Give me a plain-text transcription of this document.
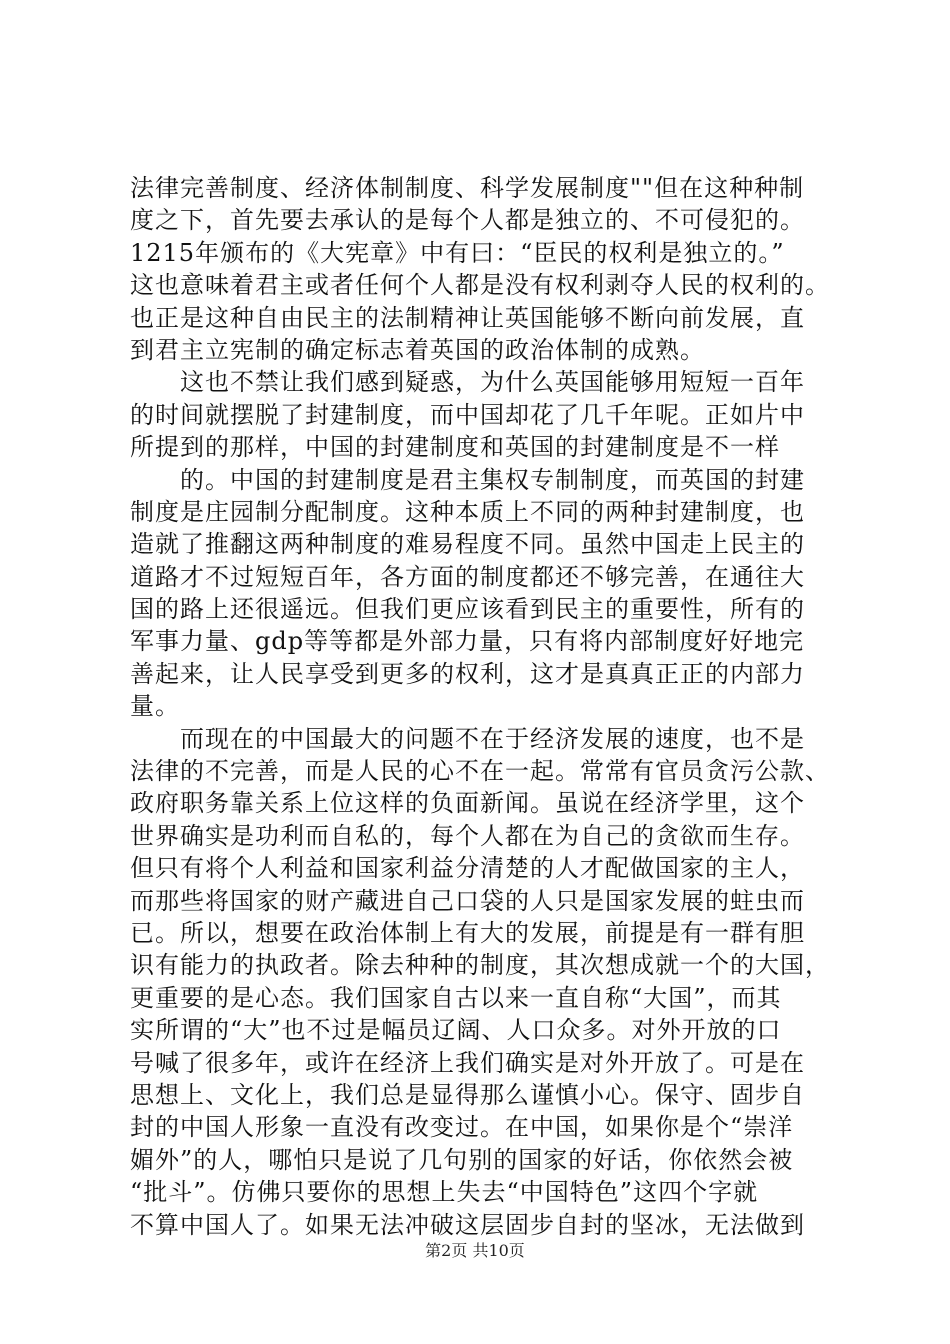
法律完善制度、经济体制制度、科学发展制度""但在这种种制
度之下，首先要去承认的是每个人都是独立的、不可侵犯的。
1215年颁布的《大宪章》中有曰：“臣民的权利是独立的。”
这也意味着君主或者任何个人都是没有权利剥夺人民的权利的。
也正是这种自由民主的法制精神让英国能够不断向前发展，直
到君主立宪制的确定标志着英国的政治体制的成熟。
这也不禁让我们感到疑惑，为什么英国能够用短短一百年
的时间就摆脱了封建制度，而中国却花了几千年呢。正如片中
所提到的那样，中国的封建制度和英国的封建制度是不一样
的。中国的封建制度是君主集权专制制度，而英国的封建
制度是庄园制分配制度。这种本质上不同的两种封建制度，也
造就了推翻这两种制度的难易程度不同。虽然中国走上民主的
道路才不过短短百年，各方面的制度都还不够完善，在通往大
国的路上还很遥远。但我们更应该看到民主的重要性，所有的
军事力量、gdp等等都是外部力量，只有将内部制度好好地完
善起来，让人民享受到更多的权利，这才是真真正正的内部力
量。
而现在的中国最大的问题不在于经济发展的速度，也不是
法律的不完善，而是人民的心不在一起。常常有官员贪污公款、
政府职务靠关系上位这样的负面新闻。虽说在经济学里，这个
世界确实是功利而自私的，每个人都在为自己的贪欲而生存。
但只有将个人利益和国家利益分清楚的人才配做国家的主人，
而那些将国家的财产藏进自己口袋的人只是国家发展的蛀虫而
已。所以，想要在政治体制上有大的发展，前提是有一群有胆
识有能力的执政者。除去种种的制度，其次想成就一个的大国，
更重要的是心态。我们国家自古以来一直自称“大国”，而其
实所谓的“大”也不过是幅员辽阔、人口众多。对外开放的口
号喊了很多年，或许在经济上我们确实是对外开放了。可是在
思想上、文化上，我们总是显得那么谨慎小心。保守、固步自
封的中国人形象一直没有改变过。在中国，如果你是个“崇洋
媚外”的人，哪怕只是说了几句别的国家的好话，你依然会被
“批斗”。仿佛只要你的思想上失去“中国特色”这四个字就
不算中国人了。如果无法冲破这层固步自封的坚冰，无法做到
第2页 共10页
